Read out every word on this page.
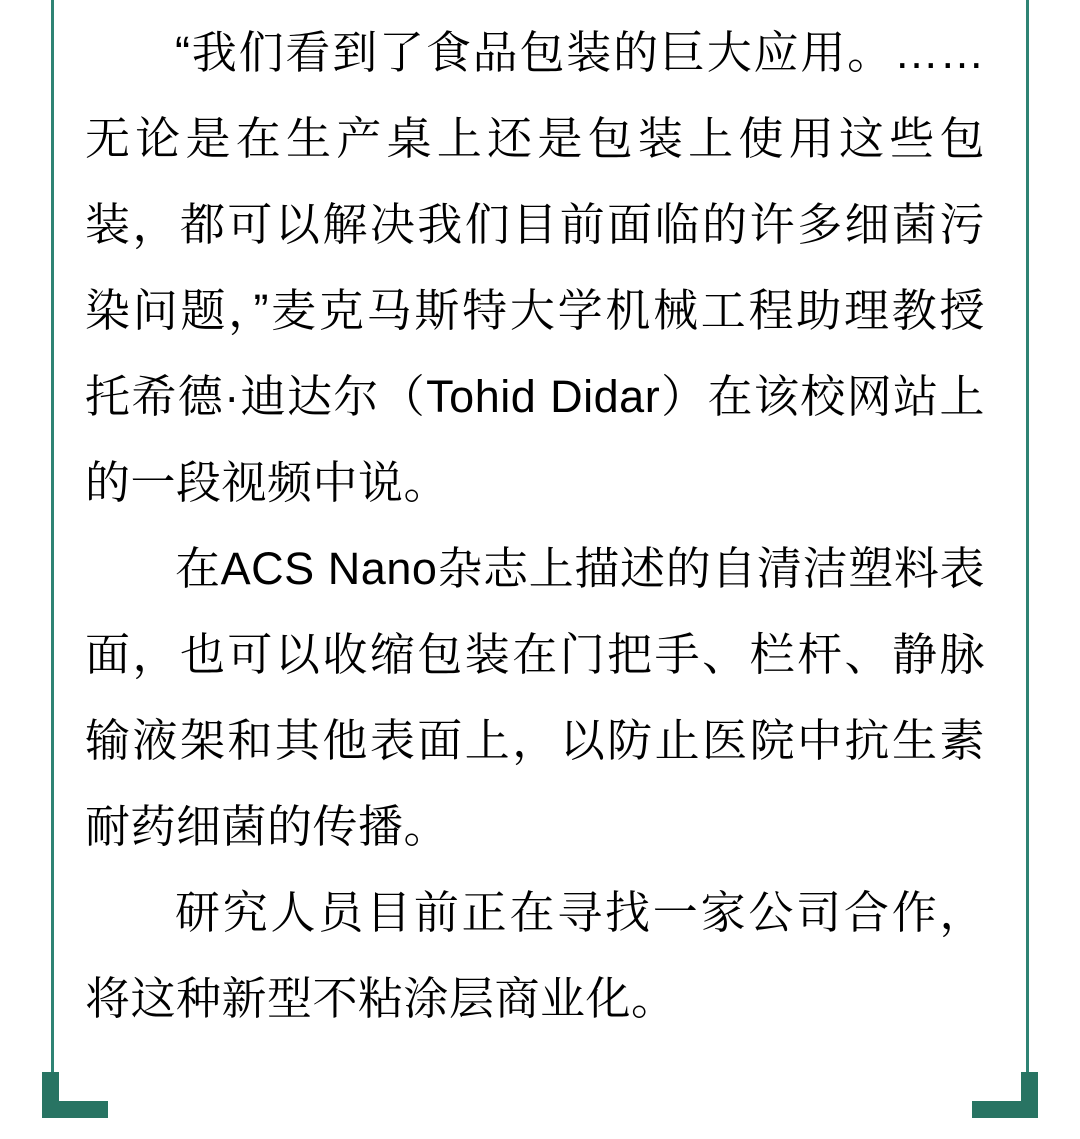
“我们看到了食品包装的巨大应用。……无论是在生产桌上还是包装上使用这些包装，都可以解决我们目前面临的许多细菌污染问题，”麦克马斯特大学机械工程助理教授托希德·迪达尔（Tohid Didar）在该校网站上的一段视频中说。

在ACS Nano杂志上描述的自清洁塑料表面，也可以收缩包装在门把手、栏杆、静脉输液架和其他表面上，以防止医院中抗生素耐药细菌的传播。

研究人员目前正在寻找一家公司合作，将这种新型不粘涂层商业化。
